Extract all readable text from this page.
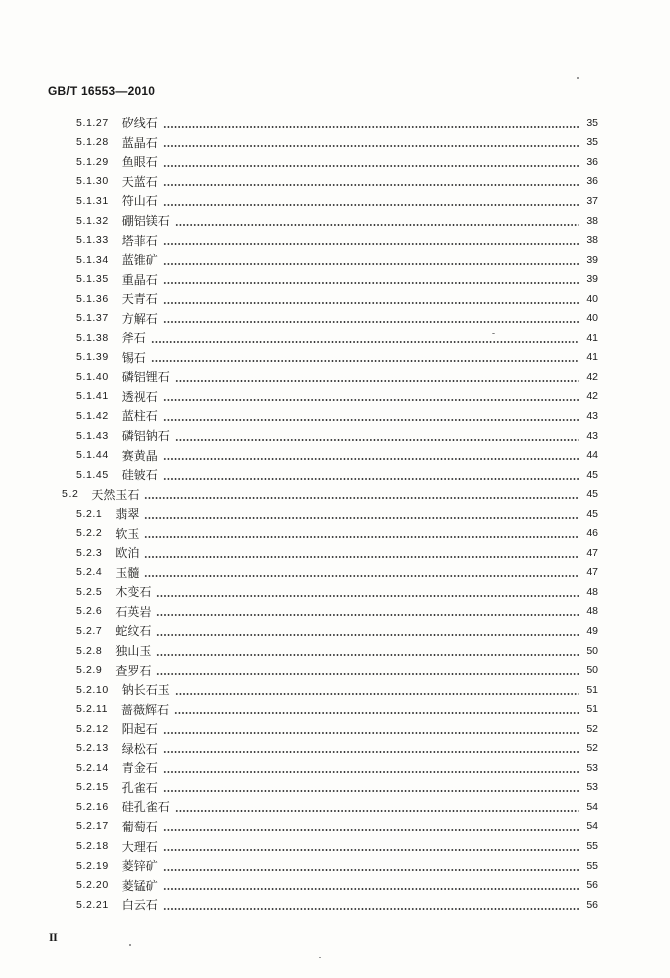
GB/T 16553—2010
5.1.27 矽线石	35
5.1.28 蓝晶石	35
5.1.29 鱼眼石	36
5.1.30 天蓝石	36
5.1.31 符山石	37
5.1.32 硼铝镁石	38
5.1.33 塔菲石	38
5.1.34 蓝锥矿	39
5.1.35 重晶石	39
5.1.36 天青石	40
5.1.37 方解石	40
5.1.38 斧石	41
5.1.39 锡石	41
5.1.40 磷铝锂石	42
5.1.41 透视石	42
5.1.42 蓝柱石	43
5.1.43 磷铝钠石	43
5.1.44 赛黄晶	44
5.1.45 硅铍石	45
5.2 天然玉石	45
5.2.1 翡翠	45
5.2.2 软玉	46
5.2.3 欧泊	47
5.2.4 玉髓	47
5.2.5 木变石	48
5.2.6 石英岩	48
5.2.7 蛇纹石	49
5.2.8 独山玉	50
5.2.9 查罗石	50
5.2.10 钠长石玉	51
5.2.11 蔷薇辉石	51
5.2.12 阳起石	52
5.2.13 绿松石	52
5.2.14 青金石	53
5.2.15 孔雀石	53
5.2.16 硅孔雀石	54
5.2.17 葡萄石	54
5.2.18 大理石	55
5.2.19 菱锌矿	55
5.2.20 菱锰矿	56
5.2.21 白云石	56
II
